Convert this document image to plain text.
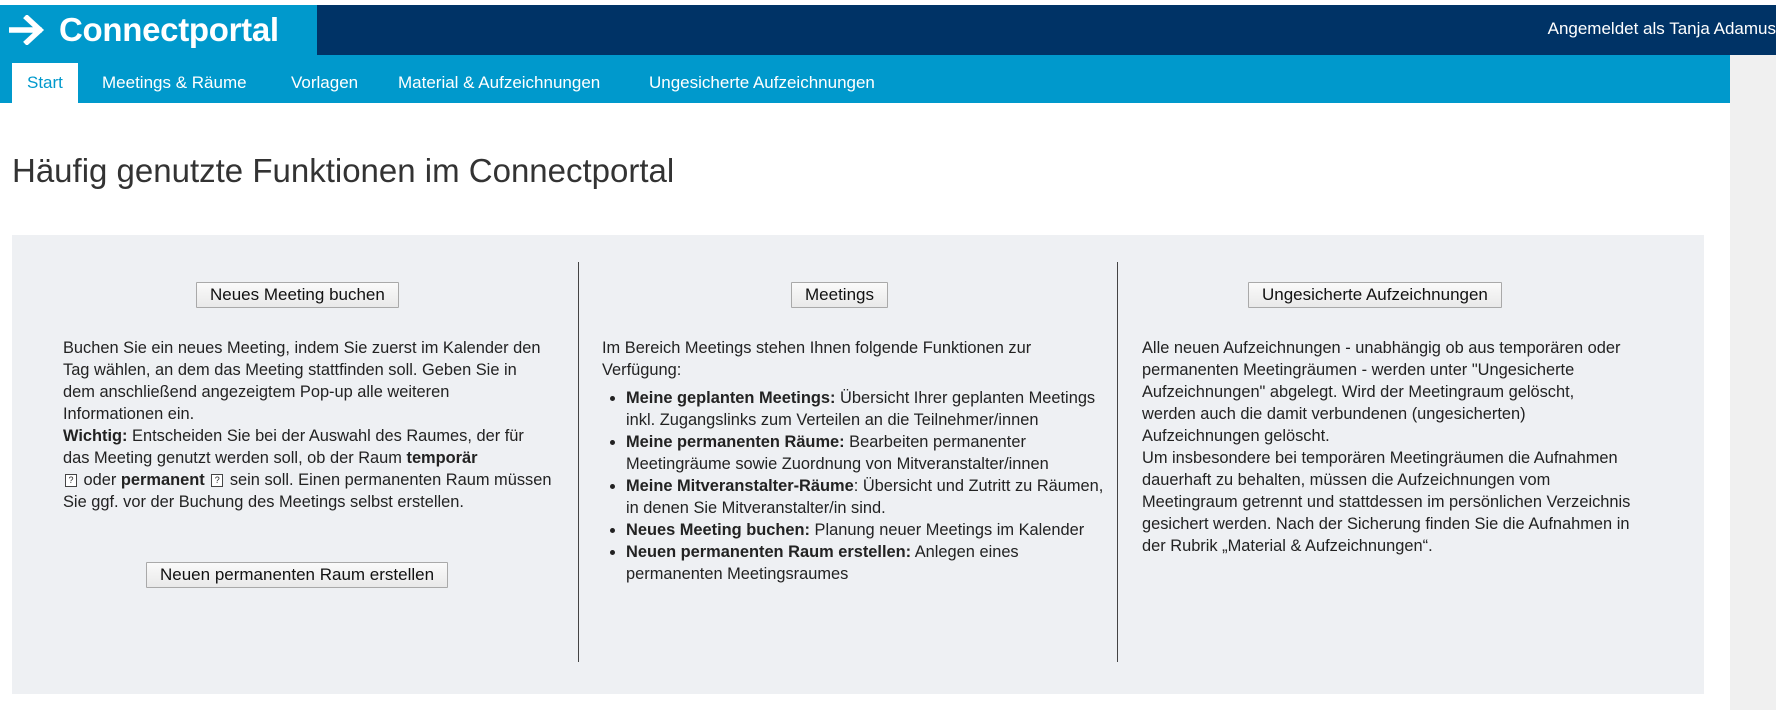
Connectportal	Angemeldet als Tanja Adamus
Start	Meetings & Räume	Vorlagen Material & Aufzeichnungen	Ungesicherte Aufzeichnungen
Häufig genutzte Funktionen im Connectportal
Neues Meeting buchen

Buchen Sie ein neues Meeting, indem Sie zuerst im Kalender den Tag wählen, an dem das Meeting stattfinden soll. Geben Sie in dem anschließend angezeigtem Pop-up alle weiteren Informationen ein.

Wichtig: Entscheiden Sie bei der Auswahl des Raumes, der für das Meeting genutzt werden soll, ob der Raum temporär
? oder permanent ? sein soll. Einen permanenten Raum müssen Sie ggf. vor der Buchung des Meetings selbst erstellen.

Neuen permanenten Raum erstellen
Meetings

Im Bereich Meetings stehen Ihnen folgende Funktionen zur Verfügung:

• Meine geplanten Meetings: Übersicht Ihrer geplanten Meetings inkl. Zugangslinks zum Verteilen an die Teilnehmer/innen
• Meine permanenten Räume: Bearbeiten permanenter Meetingräume sowie Zuordnung von Mitveranstalter/innen
• Meine Mitveranstalter-Räume: Übersicht und Zutritt zu Räumen, in denen Sie Mitveranstalter/in sind.
• Neues Meeting buchen: Planung neuer Meetings im Kalender
• Neuen permanenten Raum erstellen: Anlegen eines permanenten Meetingsraumes
Ungesicherte Aufzeichnungen

Alle neuen Aufzeichnungen - unabhängig ob aus temporären oder permanenten Meetingräumen - werden unter "Ungesicherte Aufzeichnungen" abgelegt. Wird der Meetingraum gelöscht, werden auch die damit verbundenen (ungesicherten) Aufzeichnungen gelöscht.

Um insbesondere bei temporären Meetingräumen die Aufnahmen dauerhaft zu behalten, müssen die Aufzeichnungen vom Meetingraum getrennt und stattdessen im persönlichen Verzeichnis gesichert werden. Nach der Sicherung finden Sie die Aufnahmen in der Rubrik „Material & Aufzeichnungen“.
